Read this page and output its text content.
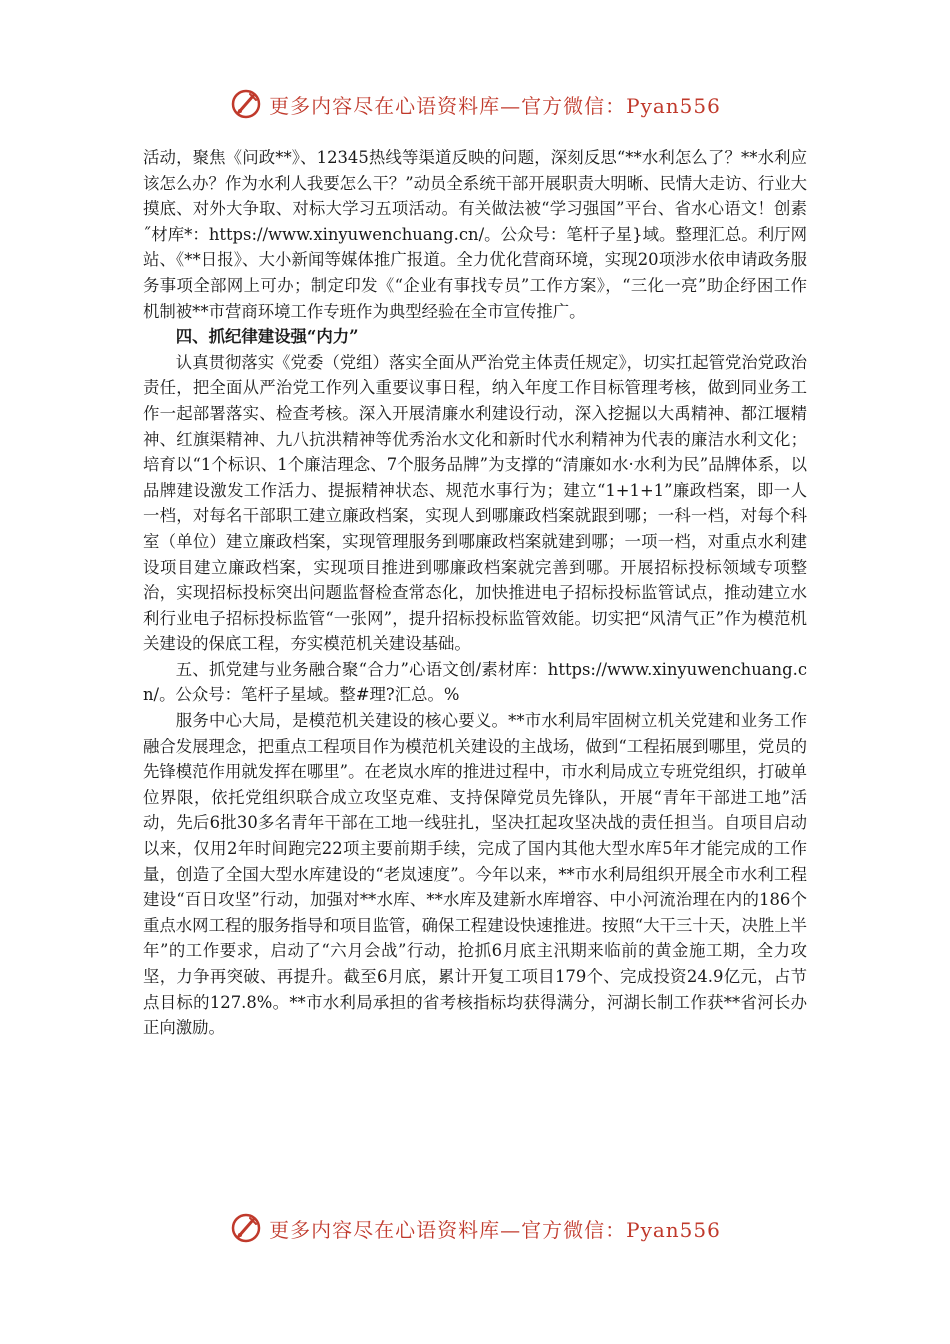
更多内容尽在心语资料库—官方微信：Pyan556

活动，聚焦《问政**》、12345热线等渠道反映的问题，深刻反思“**水利怎么了？**水利应该怎么办？作为水利人我要怎么干？”动员全系统干部开展职责大明晰、民情大走访、行业大摸底、对外大争取、对标大学习五项活动。有关做法被“学习强国”平台、省水心语文！创素˝材库*：https://www.xinyuwenchuang.cn/。公众号：笔杆子星}域。整理汇总。利厅网站、《**日报》、大小新闻等媒体推广报道。全力优化营商环境，实现20项涉水依申请政务服务事项全部网上可办；制定印发《“企业有事找专员”工作方案》，“三化一亮”助企纾困工作机制被**市营商环境工作专班作为典型经验在全市宣传推广。

四、抓纪律建设强“内力”

认真贯彻落实《党委（党组）落实全面从严治党主体责任规定》，切实扛起管党治党政治责任，把全面从严治党工作列入重要议事日程，纳入年度工作目标管理考核，做到同业务工作一起部署落实、检查考核。深入开展清廉水利建设行动，深入挖掘以大禹精神、都江堰精神、红旗渠精神、九八抗洪精神等优秀治水文化和新时代水利精神为代表的廉洁水利文化；培育以“1个标识、1个廉洁理念、7个服务品牌”为支撑的“清廉如水·水利为民”品牌体系，以品牌建设激发工作活力、提振精神状态、规范水事行为；建立“1+1+1”廉政档案，即一人一档，对每名干部职工建立廉政档案，实现人到哪廉政档案就跟到哪；一科一档，对每个科室（单位）建立廉政档案，实现管理服务到哪廉政档案就建到哪；一项一档，对重点水利建设项目建立廉政档案，实现项目推进到哪廉政档案就完善到哪。开展招标投标领域专项整治，实现招标投标突出问题监督检查常态化，加快推进电子招标投标监管试点，推动建立水利行业电子招标投标监管“一张网”，提升招标投标监管效能。切实把“风清气正”作为模范机关建设的保底工程，夯实模范机关建设基础。

五、抓党建与业务融合聚“合力”心语文创/素材库：https://www.xinyuwenchuang.cn/。公众号：笔杆子星域。整#理?汇总。%

服务中心大局，是模范机关建设的核心要义。**市水利局牢固树立机关党建和业务工作融合发展理念，把重点工程项目作为模范机关建设的主战场，做到“工程拓展到哪里，党员的先锋模范作用就发挥在哪里”。在老岚水库的推进过程中，市水利局成立专班党组织，打破单位界限，依托党组织联合成立攻坚克难、支持保障党员先锋队，开展“青年干部进工地”活动，先后6批30多名青年干部在工地一线驻扎，坚决扛起攻坚决战的责任担当。自项目启动以来，仅用2年时间跑完22项主要前期手续，完成了国内其他大型水库5年才能完成的工作量，创造了全国大型水库建设的“老岚速度”。今年以来，**市水利局组织开展全市水利工程建设“百日攻坚”行动，加强对**水库、**水库及建新水库增容、中小河流治理在内的186个重点水网工程的服务指导和项目监管，确保工程建设快速推进。按照“大干三十天，决胜上半年”的工作要求，启动了“六月会战”行动，抢抓6月底主汛期来临前的黄金施工期，全力攻坚，力争再突破、再提升。截至6月底，累计开复工项目179个、完成投资24.9亿元，占节点目标的127.8%。**市水利局承担的省考核指标均获得满分，河湖长制工作获**省河长办正向激励。

更多内容尽在心语资料库—官方微信：Pyan556
